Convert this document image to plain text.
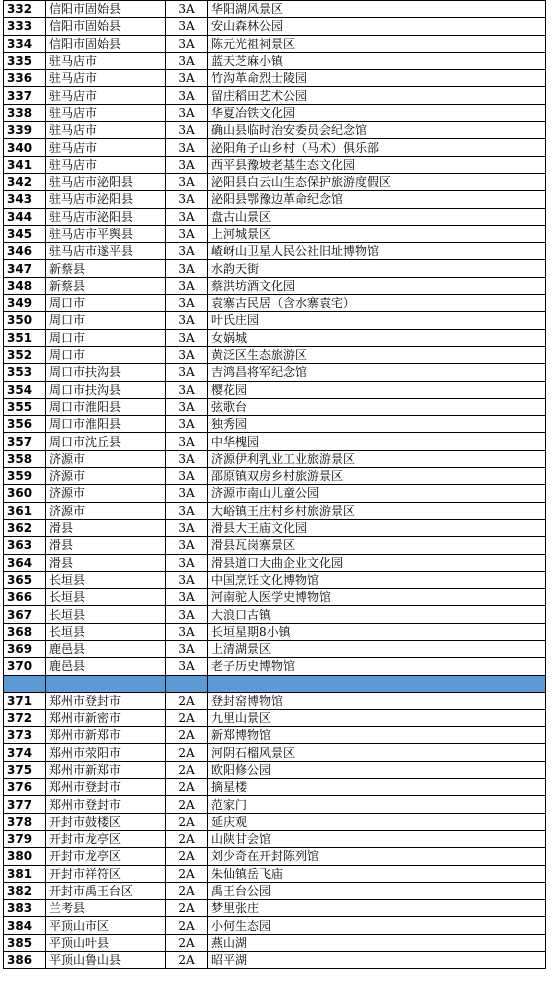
332	信阳市固始县	3A	华阳湖风景区
333	信阳市固始县	3A	安山森林公园
334	信阳市固始县	3A	陈元光祖祠景区
335	驻马店市	3A	蓝天芝麻小镇
336	驻马店市	3A	竹沟革命烈士陵园
337	驻马店市	3A	留庄稻田艺术公园
338	驻马店市	3A	华夏冶铁文化园
339	驻马店市	3A	确山县临时治安委员会纪念馆
340	驻马店市	3A	泌阳角子山乡村（马术）俱乐部
341	驻马店市	3A	西平县豫坡老基生态文化园
342	驻马店市泌阳县	3A	泌阳县白云山生态保护旅游度假区
343	驻马店市泌阳县	3A	泌阳县鄂豫边革命纪念馆
344	驻马店市泌阳县	3A	盘古山景区
345	驻马店市平舆县	3A	上河城景区
346	驻马店市遂平县	3A	嵖岈山卫星人民公社旧址博物馆
347	新蔡县	3A	水韵天街
348	新蔡县	3A	蔡洪坊酒文化园
349	周口市	3A	袁寨古民居（含水寨袁宅）
350	周口市	3A	叶氏庄园
351	周口市	3A	女娲城
352	周口市	3A	黄泛区生态旅游区
353	周口市扶沟县	3A	吉鸿昌将军纪念馆
354	周口市扶沟县	3A	樱花园
355	周口市淮阳县	3A	弦歌台
356	周口市淮阳县	3A	独秀园
357	周口市沈丘县	3A	中华槐园
358	济源市	3A	济源伊利乳业工业旅游景区
359	济源市	3A	邵原镇双房乡村旅游景区
360	济源市	3A	济源市南山儿童公园
361	济源市	3A	大峪镇王庄村乡村旅游景区
362	滑县	3A	滑县大王庙文化园
363	滑县	3A	滑县瓦岗寨景区
364	滑县	3A	滑县道口大曲企业文化园
365	长垣县	3A	中国烹饪文化博物馆
366	长垣县	3A	河南驼人医学史博物馆
367	长垣县	3A	大浪口古镇
368	长垣县	3A	长垣星期8小镇
369	鹿邑县	3A	上清湖景区
370	鹿邑县	3A	老子历史博物馆

371	郑州市登封市	2A	登封窑博物馆
372	郑州市新密市	2A	九里山景区
373	郑州市新郑市	2A	新郑博物馆
374	郑州市荥阳市	2A	河阴石榴风景区
375	郑州市新郑市	2A	欧阳修公园
376	郑州市登封市	2A	摘星楼
377	郑州市登封市	2A	范家门
378	开封市鼓楼区	2A	延庆观
379	开封市龙亭区	2A	山陕甘会馆
380	开封市龙亭区	2A	刘少奇在开封陈列馆
381	开封市祥符区	2A	朱仙镇岳飞庙
382	开封市禹王台区	2A	禹王台公园
383	兰考县	2A	梦里张庄
384	平顶山市区	2A	小何生态园
385	平顶山叶县	2A	燕山湖
386	平顶山鲁山县	2A	昭平湖
